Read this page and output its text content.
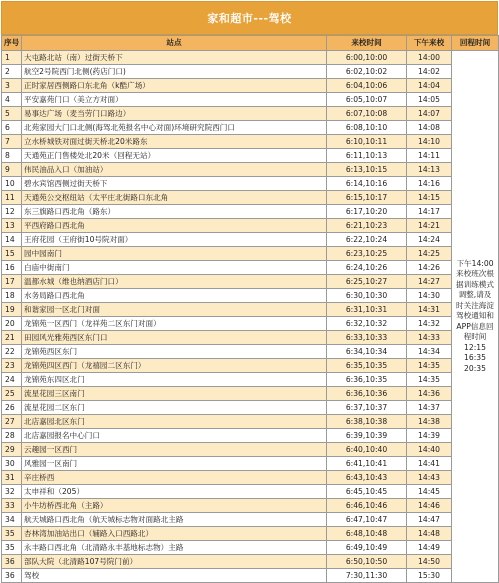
家和超市---驾校
序号	站点	来校时间	下午来校	回程时间
1	大屯路北站（南）过街天桥下	6:00,10:00	14:00	下午14:00来校班次根据训练模式调整,请及时关注海淀驾校通知和APP信息回程时间12:15 16:35 20:35
2	航空2号院西门北侧(药店门口)	6:02,10:02	14:02	
3	正时家居西侧路口东北角（k酷广场）	6:04,10:06	14:04	
4	平安嘉苑门口（美立方对面）	6:05,10:07	14:05	
5	易事达广场（麦当劳门口路边）	6:07,10:08	14:07	
6	北苑家园大门口北侧(海驾北苑报名中心对面)环境研究院西门口	6:08,10:10	14:08	
7	立水桥城铁对面过街天桥北20米路东	6:10,10:11	14:10	
8	天通苑正门售楼处北20米（回程无站）	6:11,10:13	14:11	
9	伟民油品入口（加油站）	6:13,10:15	14:13	
10	碧水宾馆西侧过街天桥下	6:14,10:16	14:16	
11	天通苑公交枢纽站（太平庄北街路口东北角	6:15,10:17	14:15	
12	东三旗路口西北角（路东）	6:17,10:20	14:17	
13	平西府路口西北角	6:21,10:23	14:21	
14	王府花园（王府街10号院对面）	6:22,10:24	14:24	
15	园中园南门	6:23,10:25	14:25	
16	白庙中街南门	6:24,10:26	14:26	
17	温都水城（维也纳酒店门口）	6:25,10:27	14:27	
18	水务局路口西北角	6:30,10:30	14:30	
19	和谐家园一区北门对面	6:31,10:31	14:31	
20	龙锦苑一区西门（龙祥苑二区东门对面）	6:32,10:32	14:32	
21	田园风光雅苑西区东门口	6:33,10:33	14:33	
22	龙锦苑西区东门	6:34,10:34	14:34	
23	龙锦苑四区西门（龙禧园二区东门）	6:35,10:35	14:35	
24	龙锦苑东四区北门	6:36,10:35	14:35	
25	流星花园三区南门	6:36,10:36	14:36	
26	流星花园二区东门	6:37,10:37	14:37	
27	北店嘉园北区东门	6:38,10:38	14:38	
28	北店嘉园报名中心门口	6:39,10:39	14:39	
29	云趣园一区西门	6:40,10:40	14:40	
30	风雅园一区南门	6:41,10:41	14:41	
31	辛庄桥西	6:43,10:43	14:43	
32	太申祥和（205）	6:45,10:45	14:45	
33	小牛坊桥西北角（主路）	6:46,10:46	14:46	
34	航天城路口西北角（航天城标志物对面路北主路	6:47,10:47	14:47	
35	杏林湾加油站出口（辅路入口西路北）	6:48,10:48	14:48	
35	永丰路口西北角（北清路永丰基地标志物）主路	6:49,10:49	14:49	
36	部队大院（北清路107号院门前）	6:50,10:50	14:50	
36	驾校	7:30,11:30	15:30	
